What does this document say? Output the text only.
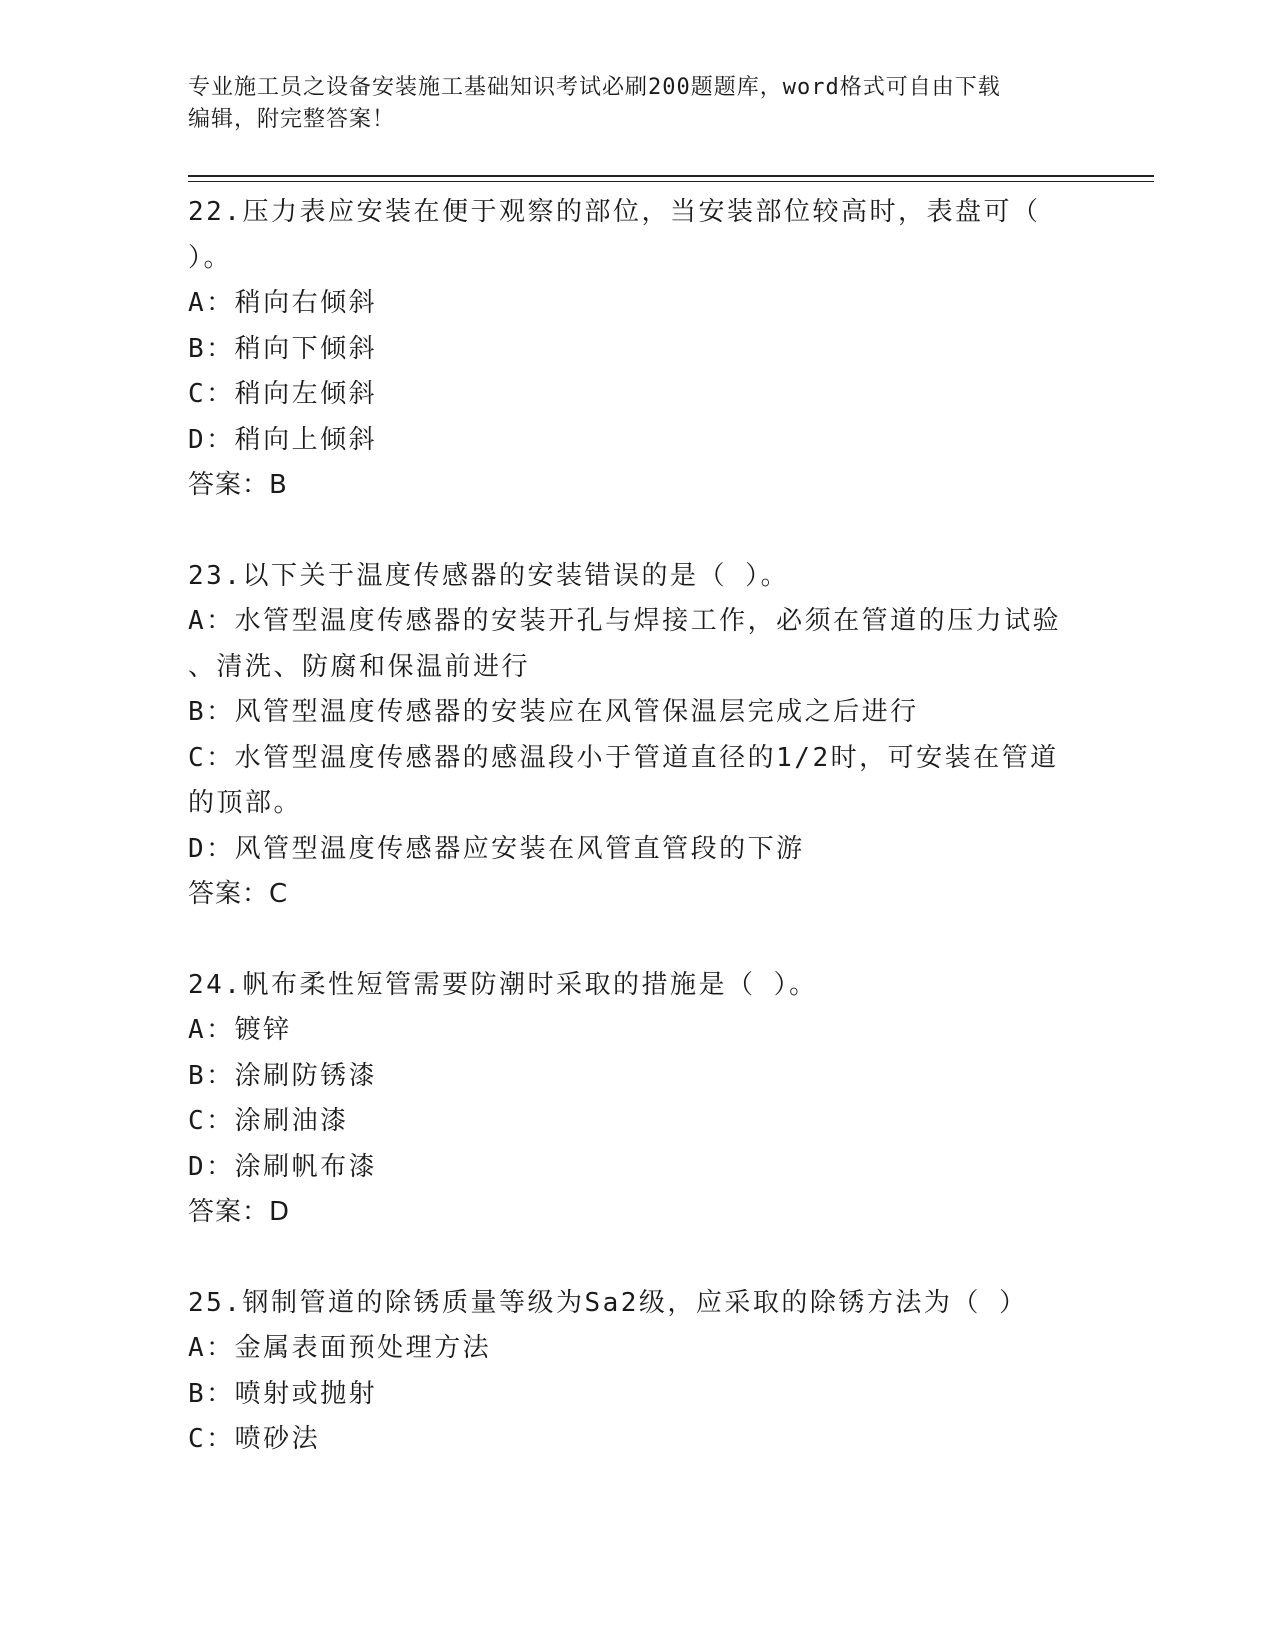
专业施工员之设备安装施工基础知识考试必刷200题题库，word格式可自由下载
编辑，附完整答案！
22.压力表应安装在便于观察的部位，当安装部位较高时，表盘可（
）。
A：稍向右倾斜
B：稍向下倾斜
C：稍向左倾斜
D：稍向上倾斜
答案：B
23.以下关于温度传感器的安装错误的是（ ）。
A：水管型温度传感器的安装开孔与焊接工作，必须在管道的压力试验
、清洗、防腐和保温前进行
B：风管型温度传感器的安装应在风管保温层完成之后进行
C：水管型温度传感器的感温段小于管道直径的1/2时，可安装在管道
的顶部。
D：风管型温度传感器应安装在风管直管段的下游
答案：C
24.帆布柔性短管需要防潮时采取的措施是（ ）。
A：镀锌
B：涂刷防锈漆
C：涂刷油漆
D：涂刷帆布漆
答案：D
25.钢制管道的除锈质量等级为Sa2级，应采取的除锈方法为（ ）
A：金属表面预处理方法
B：喷射或抛射
C：喷砂法
